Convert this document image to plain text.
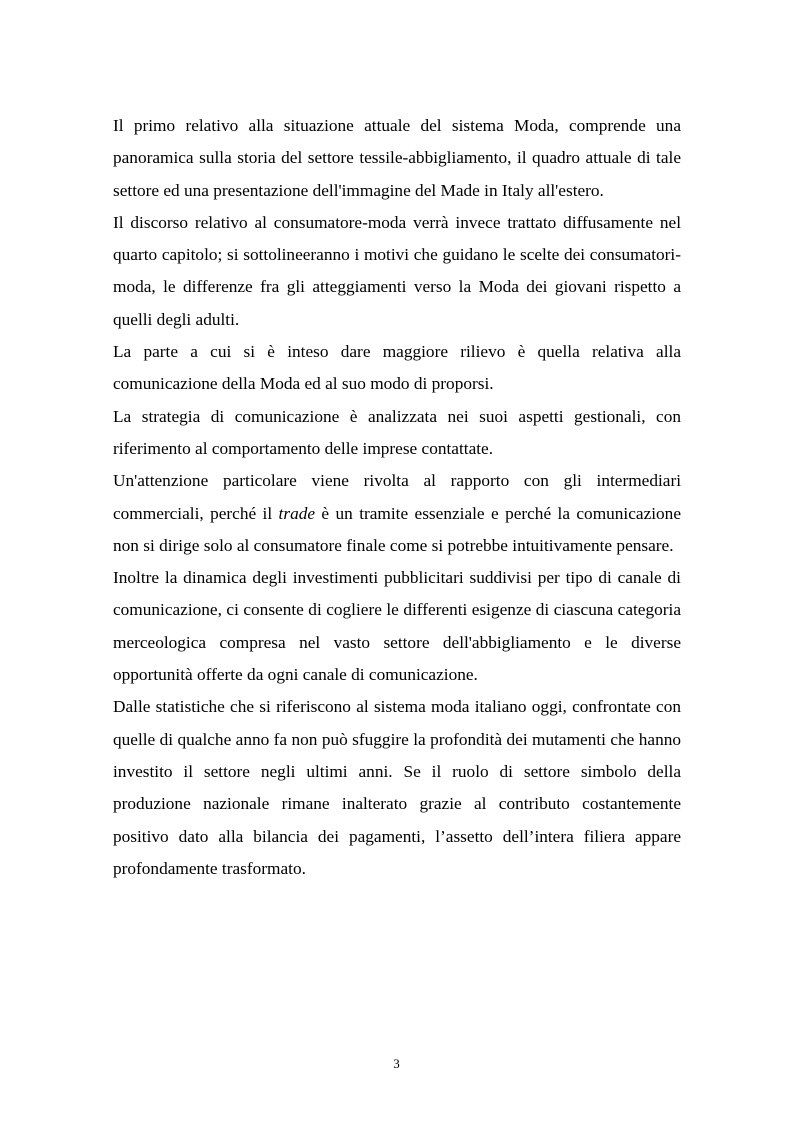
Il primo relativo alla situazione attuale del sistema Moda, comprende una panoramica sulla storia del settore tessile-abbigliamento, il quadro attuale di tale settore ed una presentazione dell'immagine del Made in Italy all'estero.

Il discorso relativo al consumatore-moda verrà invece trattato diffusamente nel quarto capitolo; si sottolineeranno i motivi che guidano le scelte dei consumatori-moda, le differenze fra gli atteggiamenti verso la Moda dei giovani rispetto a quelli degli adulti.

La parte a cui si è inteso dare maggiore rilievo è quella relativa alla comunicazione della Moda ed al suo modo di proporsi.

La strategia di comunicazione è analizzata nei suoi aspetti gestionali, con riferimento al comportamento delle imprese contattate.

Un'attenzione particolare viene rivolta al rapporto con gli intermediari commerciali, perché il trade è un tramite essenziale e perché la comunicazione non si dirige solo al consumatore finale come si potrebbe intuitivamente pensare.

Inoltre la dinamica degli investimenti pubblicitari suddivisi per tipo di canale di comunicazione, ci consente di cogliere le differenti esigenze di ciascuna categoria merceologica compresa nel vasto settore dell'abbigliamento e le diverse opportunità offerte da ogni canale di comunicazione.

Dalle statistiche che si riferiscono al sistema moda italiano oggi, confrontate con quelle di qualche anno fa non può sfuggire la profondità dei mutamenti che hanno investito il settore negli ultimi anni. Se il ruolo di settore simbolo della produzione nazionale rimane inalterato grazie al contributo costantemente positivo dato alla bilancia dei pagamenti, l’assetto dell’intera filiera appare profondamente trasformato.

3
